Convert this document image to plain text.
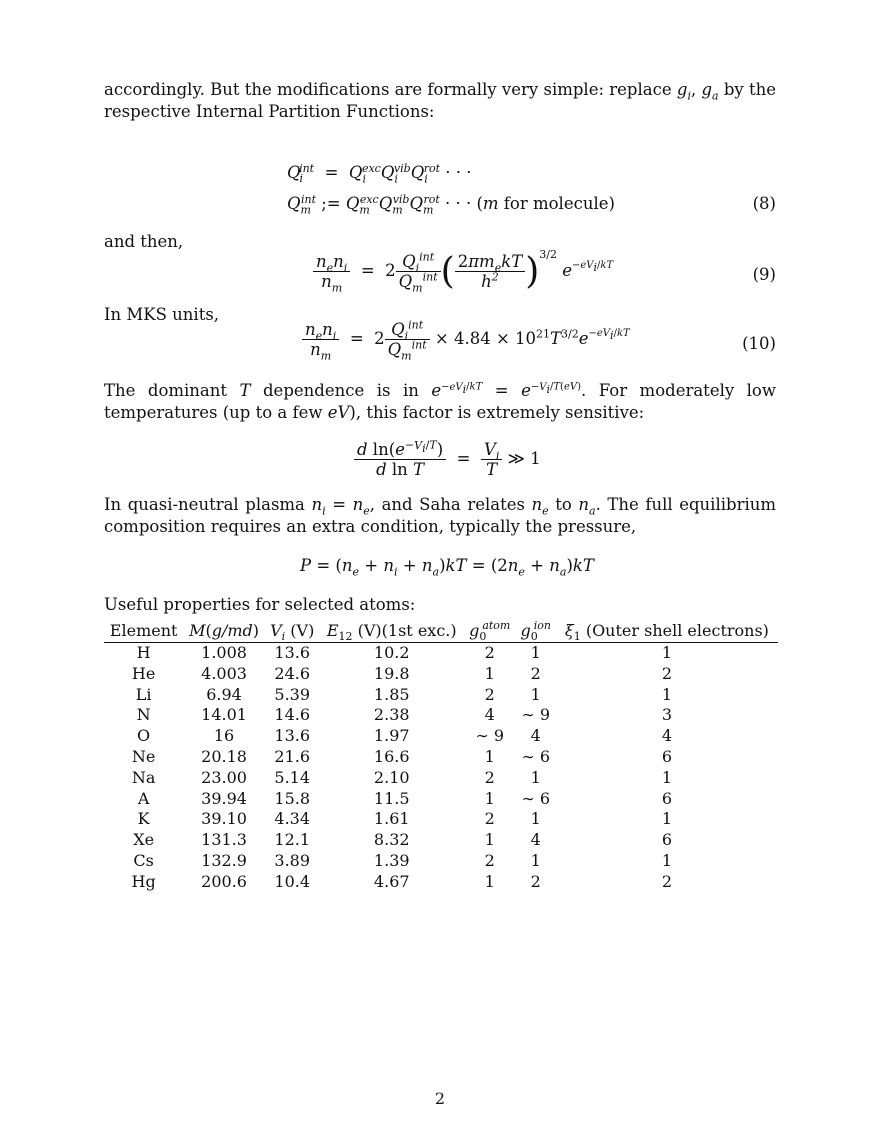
accordingly. But the modifications are formally very simple: replace $g_i$, $g_a$ by the respective Internal Partition Functions:
$Q_i^{int} = Q_i^{exc}Q_i^{vib}Q_i^{rot}$ · · ·
$Q_m^{int}$ ;= $Q_m^{exc}Q_m^{vib}Q_m^{rot}$ · · · (m for molecule)	(8)
and then,
$\frac{n_en_i}{n_m} = 2 \frac{Q_i^{int}}{Q_m^{int}}$ ( $\frac{2\pi m_ekT}{h^2} )^{3/2}$ $e^{-eV_i/kT}$	(9)
In MKS units,
$\frac{n_en_i}{n_m} = 2 \frac{Q_i^{int}}{Q_m^{int}} \times 4.84 \times 10^{21}T^{3/2}e^{-eV_i/kT}$
(10)
The dominant T dependence is in $e^{-eV_i/kT} = e^{-V_i/T(eV)}$. For moderately low temperatures (up to a few eV), this factor is extremely sensitive:
$\frac{d \ln(e^{-V_i/T})}{\text{d ln T}} = \frac{V_i}{T}$ ≫ 1
In quasi-neutral plasma $n_i = n_e$, and Saha relates $n_e$ to $n_a$. The full equilibrium composition requires an extra condition, typically the pressure,
$P = (n_e + n_i + n_a)kT = (2n_e + n_a)kT$
Useful properties for selected atoms:
Element	M(g/md)	$V_i$ (V)	$E_{12}$ (V)(1st exc.)	$g_0^{atom}$	$g_0^{ion}$	$\xi_1$ (Outer shell electrons)
H	1.008	13.6	10.2	2	1	1
He	4.003	24.6	19.8	1	2	2
Li	6.94	5.39	1.85	2	1	1
N	14.01	14.6	2.38	4	∼ 9	3
O	16	13.6	1.97	∼ 9	4	4
Ne	20.18	21.6	16.6	1	∼ 6	6
Na	23.00	5.14	2.10	2	1	1
A	39.94	15.8	11.5	1	∼ 6	6
K	39.10	4.34	1.61	2	1	1
Xe	131.3	12.1	8.32	1	4	6
Cs	132.9	3.89	1.39	2	1	1
Hg	200.6	10.4	4.67	1	2	2
2
